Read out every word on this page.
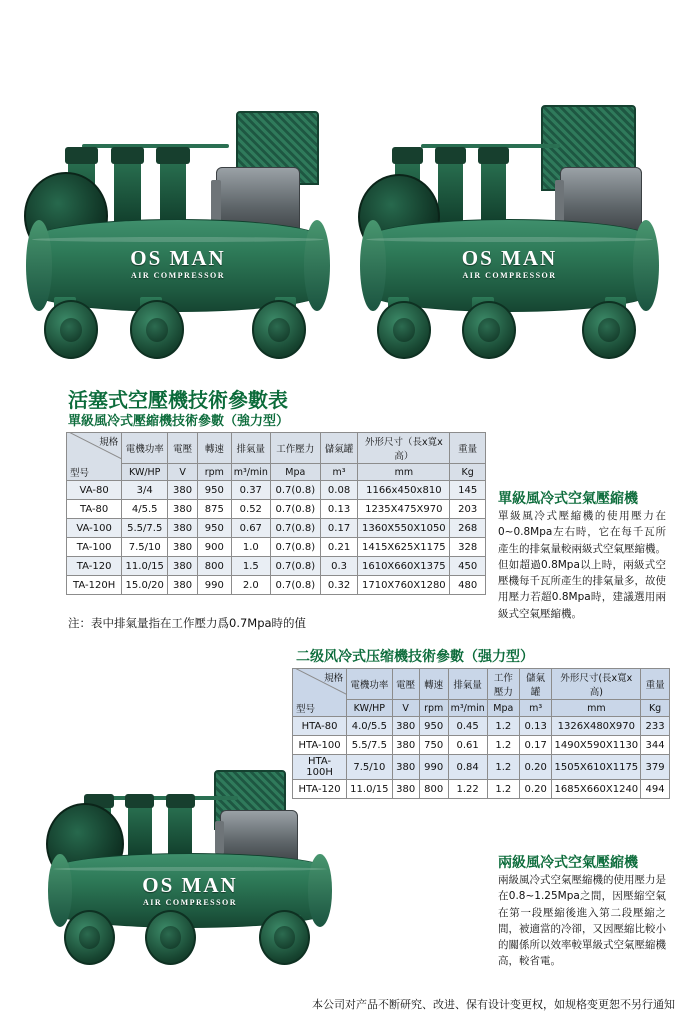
OS MAN
AIR COMPRESSOR
OS MAN
AIR COMPRESSOR
活塞式空壓機技術參數表
單級風冷式壓縮機技術參數（強力型）
規格
型号	電機功率	電壓	轉速	排氣量	工作壓力	儲氣罐	外形尺寸（長x寬x高）	重量
	KW/HP	V	rpm	m³/min	Mpa	m³	mm	Kg
VA-80	3/4	380	950	0.37	0.7(0.8)	0.08	1166x450x810	145
TA-80	4/5.5	380	875	0.52	0.7(0.8)	0.13	1235X475X970	203
VA-100	5.5/7.5	380	950	0.67	0.7(0.8)	0.17	1360X550X1050	268
TA-100	7.5/10	380	900	1.0	0.7(0.8)	0.21	1415X625X1175	328
TA-120	11.0/15	380	800	1.5	0.7(0.8)	0.3	1610X660X1375	450
TA-120H	15.0/20	380	990	2.0	0.7(0.8)	0.32	1710X760X1280	480
注：表中排氣量指在工作壓力爲0.7Mpa時的值
單級風冷式空氣壓縮機
單級風冷式壓縮機的使用壓力在0~0.8Mpa左右時，它在每千瓦所產生的排氣量較兩級式空氣壓縮機。但如超過0.8Mpa以上時，兩級式空壓機每千瓦所產生的排氣量多，故使用壓力若超0.8Mpa時，建議選用兩級式空氣壓縮機。
二级风冷式压缩機技術參數（强力型）
規格
型号	電機功率	電壓	轉速	排氣量	工作壓力	儲氣罐	外形尺寸(長x寬x高)	重量
	KW/HP	V	rpm	m³/min	Mpa	m³	mm	Kg
HTA-80	4.0/5.5	380	950	0.45	1.2	0.13	1326X480X970	233
HTA-100	5.5/7.5	380	750	0.61	1.2	0.17	1490X590X1130	344
HTA-100H	7.5/10	380	990	0.84	1.2	0.20	1505X610X1175	379
HTA-120	11.0/15	380	800	1.22	1.2	0.20	1685X660X1240	494
OS MAN
AIR COMPRESSOR
兩級風冷式空氣壓縮機
兩級風冷式空氣壓縮機的使用壓力是在0.8~1.25Mpa之間，因壓縮空氣在第一段壓縮後進入第二段壓縮之間，被適當的冷卻，又因壓縮比較小的關係所以效率較單級式空氣壓縮機高，較省電。
本公司对产品不断研究、改进、保有设计变更权，如规格变更恕不另行通知
